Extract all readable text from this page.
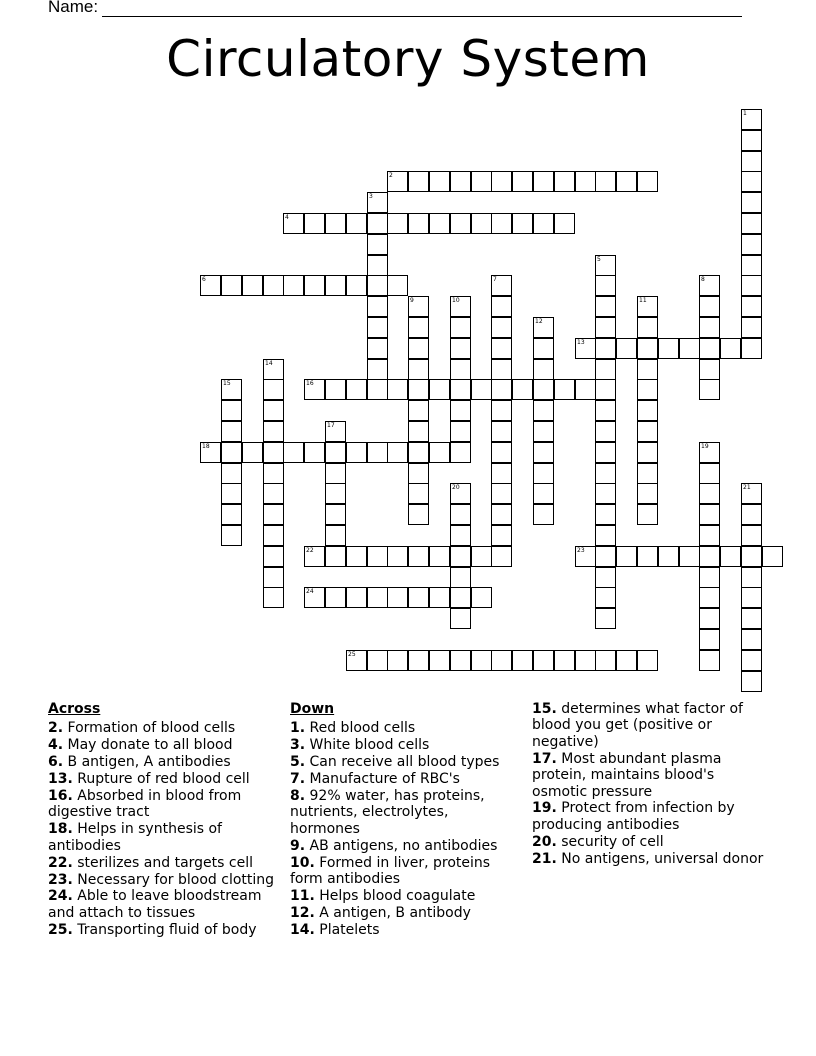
Name:
Circulatory System
2
4
6
13
16
18
22	23
24
25
1
3
5
7	8
9	10	11
12
14
15
17
19
20	21
Across
2. Formation of blood cells
4. May donate to all blood
6. B antigen, A antibodies
13. Rupture of red blood cell
16. Absorbed in blood from digestive tract
18. Helps in synthesis of antibodies
22. sterilizes and targets cell
23. Necessary for blood clotting
24. Able to leave bloodstream and attach to tissues
25. Transporting fluid of body
Down
1. Red blood cells
3. White blood cells
5. Can receive all blood types
7. Manufacture of RBC's
8. 92% water, has proteins, nutrients, electrolytes, hormones
9. AB antigens, no antibodies
10. Formed in liver, proteins form antibodies
11. Helps blood coagulate
12. A antigen, B antibody
14. Platelets
15. determines what factor of blood you get (positive or negative)
17. Most abundant plasma protein, maintains blood's osmotic pressure
19. Protect from infection by producing antibodies
20. security of cell
21. No antigens, universal donor
